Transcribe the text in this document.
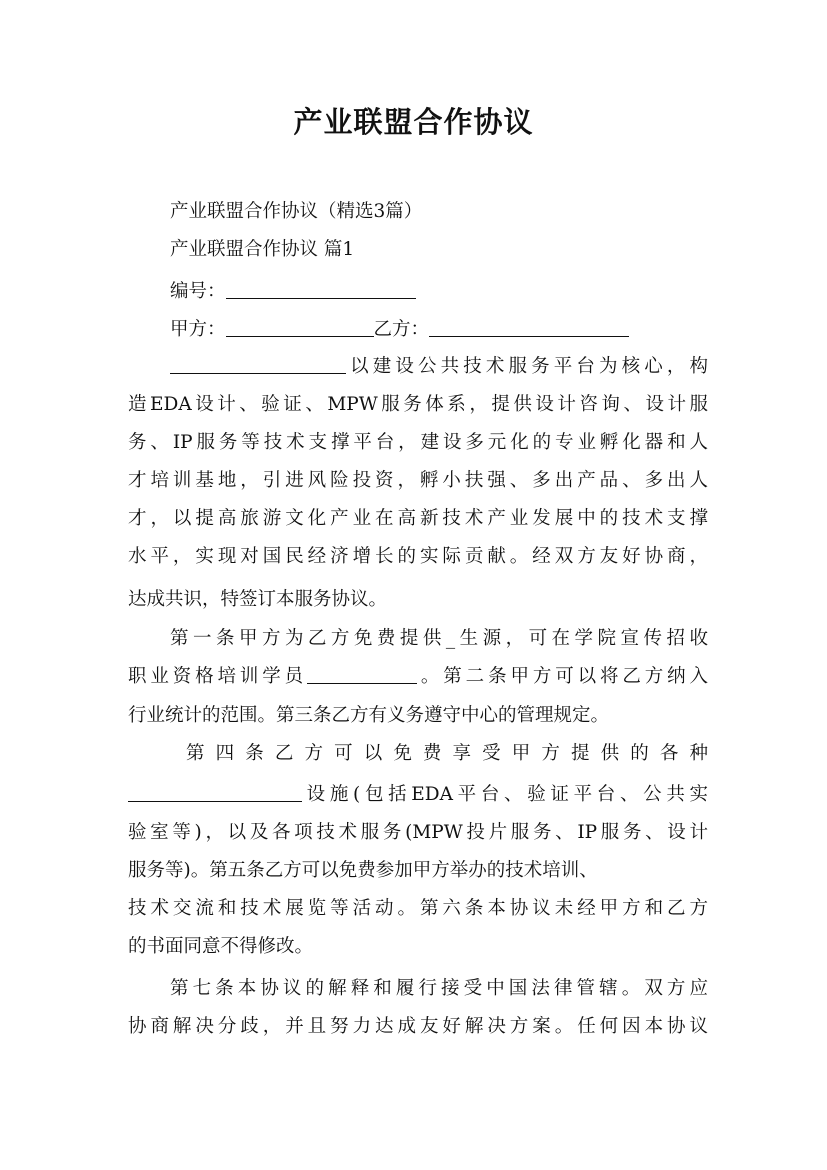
产业联盟合作协议
产业联盟合作协议（精选3篇）
产业联盟合作协议 篇1
编号：
甲方：	乙方：
以建设公共技术服务平台为核心，构
造EDA设计、验证、MPW服务体系，提供设计咨询、设计服
务、IP服务等技术支撑平台，建设多元化的专业孵化器和人
才培训基地，引进风险投资，孵小扶强、多出产品、多出人
才，以提高旅游文化产业在高新技术产业发展中的技术支撑
水平，实现对国民经济增长的实际贡献。经双方友好协商，
达成共识，特签订本服务协议。
第一条甲方为乙方免费提供_生源，可在学院宣传招收
职业资格培训学员	。第二条甲方可以将乙方纳入
行业统计的范围。第三条乙方有义务遵守中心的管理规定。
第四条乙方可以免费享受甲方提供的各种
设施(包括EDA平台、验证平台、公共实
验室等)，以及各项技术服务(MPW投片服务、IP服务、设计
服务等)。第五条乙方可以免费参加甲方举办的技术培训、
技术交流和技术展览等活动。第六条本协议未经甲方和乙方
的书面同意不得修改。
第七条本协议的解释和履行接受中国法律管辖。双方应
协商解决分歧，并且努力达成友好解决方案。任何因本协议
